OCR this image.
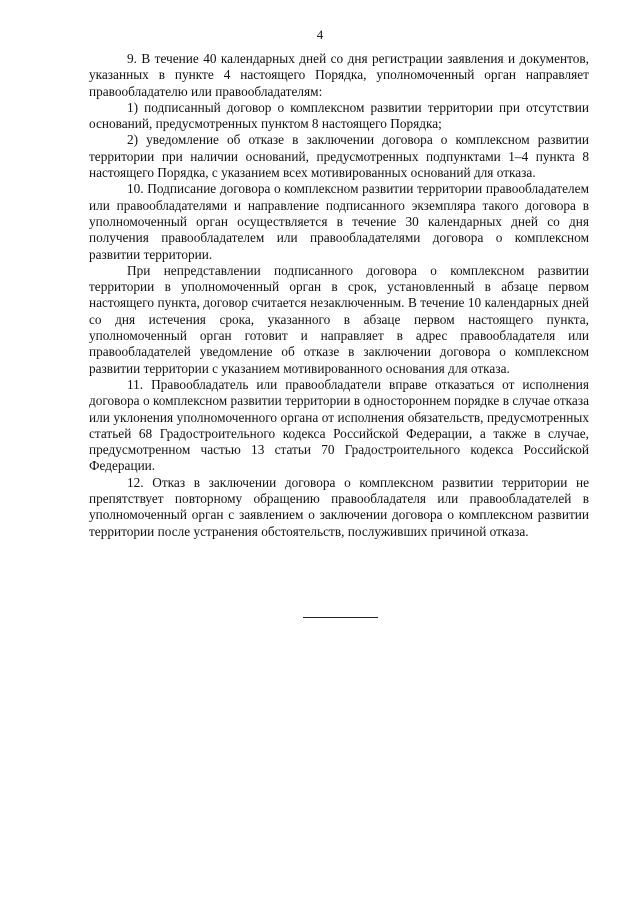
4

9. В течение 40 календарных дней со дня регистрации заявления и документов, указанных в пункте 4 настоящего Порядка, уполномоченный орган направляет правообладателю или правообладателям:

1) подписанный договор о комплексном развитии территории при отсутствии оснований, предусмотренных пунктом 8 настоящего Порядка;

2) уведомление об отказе в заключении договора о комплексном развитии территории при наличии оснований, предусмотренных подпунктами 1–4 пункта 8 настоящего Порядка, с указанием всех мотивированных оснований для отказа.

10. Подписание договора о комплексном развитии территории правообладателем или правообладателями и направление подписанного экземпляра такого договора в уполномоченный орган осуществляется в течение 30 календарных дней со дня получения правообладателем или правообладателями договора о комплексном развитии территории.

При непредставлении подписанного договора о комплексном развитии территории в уполномоченный орган в срок, установленный в абзаце первом настоящего пункта, договор считается незаключенным. В течение 10 календарных дней со дня истечения срока, указанного в абзаце первом настоящего пункта, уполномоченный орган готовит и направляет в адрес правообладателя или правообладателей уведомление об отказе в заключении договора о комплексном развитии территории с указанием мотивированного основания для отказа.

11. Правообладатель или правообладатели вправе отказаться от исполнения договора о комплексном развитии территории в одностороннем порядке в случае отказа или уклонения уполномоченного органа от исполнения обязательств, предусмотренных статьей 68 Градостроительного кодекса Российской Федерации, а также в случае, предусмотренном частью 13 статьи 70 Градостроительного кодекса Российской Федерации.

12. Отказ в заключении договора о комплексном развитии территории не препятствует повторному обращению правообладателя или правообладателей в уполномоченный орган с заявлением о заключении договора о комплексном развитии территории после устранения обстоятельств, послуживших причиной отказа.
